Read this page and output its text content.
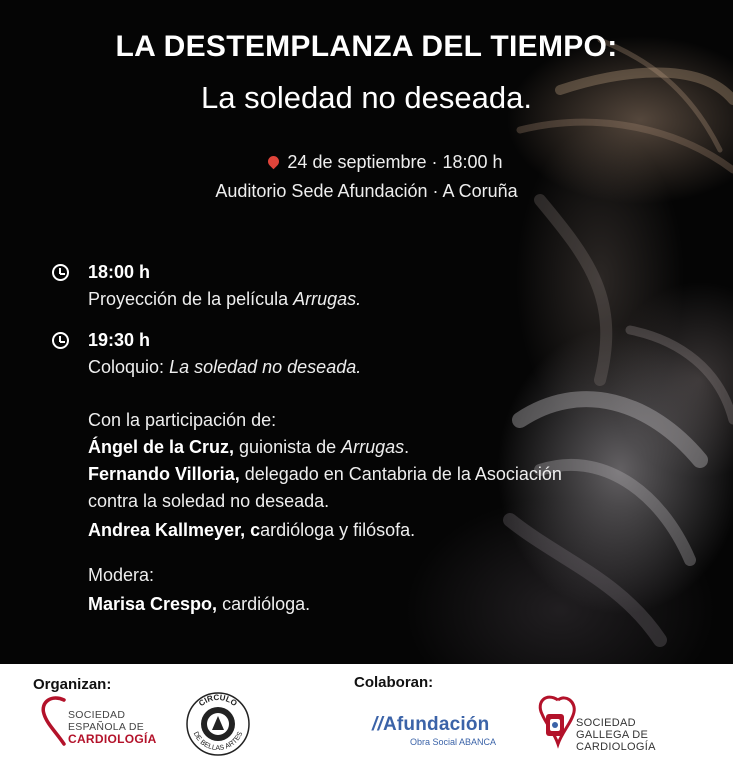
LA DESTEMPLANZA DEL TIEMPO:
La soledad no deseada.
24 de septiembre · 18:00 h
Auditorio Sede Afundación · A Coruña
18:00 h
Proyección de la película Arrugas.
19:30 h
Coloquio: La soledad no deseada.
Con la participación de:
Ángel de la Cruz, guionista de Arrugas.
Fernando Villoria, delegado en Cantabria de la Asociación
contra la soledad no deseada.
Andrea Kallmeyer, cardióloga y filósofa.
Modera:
Marisa Crespo, cardióloga.
Organizan:	Colaboran:
SOCIEDAD
ESPAÑOLA DE
CARDIOLOGÍA
CIRCULO
DE BELLAS ARTES	//Afundación
Obra Social ABANCA
SOCIEDAD
GALLEGA DE
CARDIOLOGÍA
